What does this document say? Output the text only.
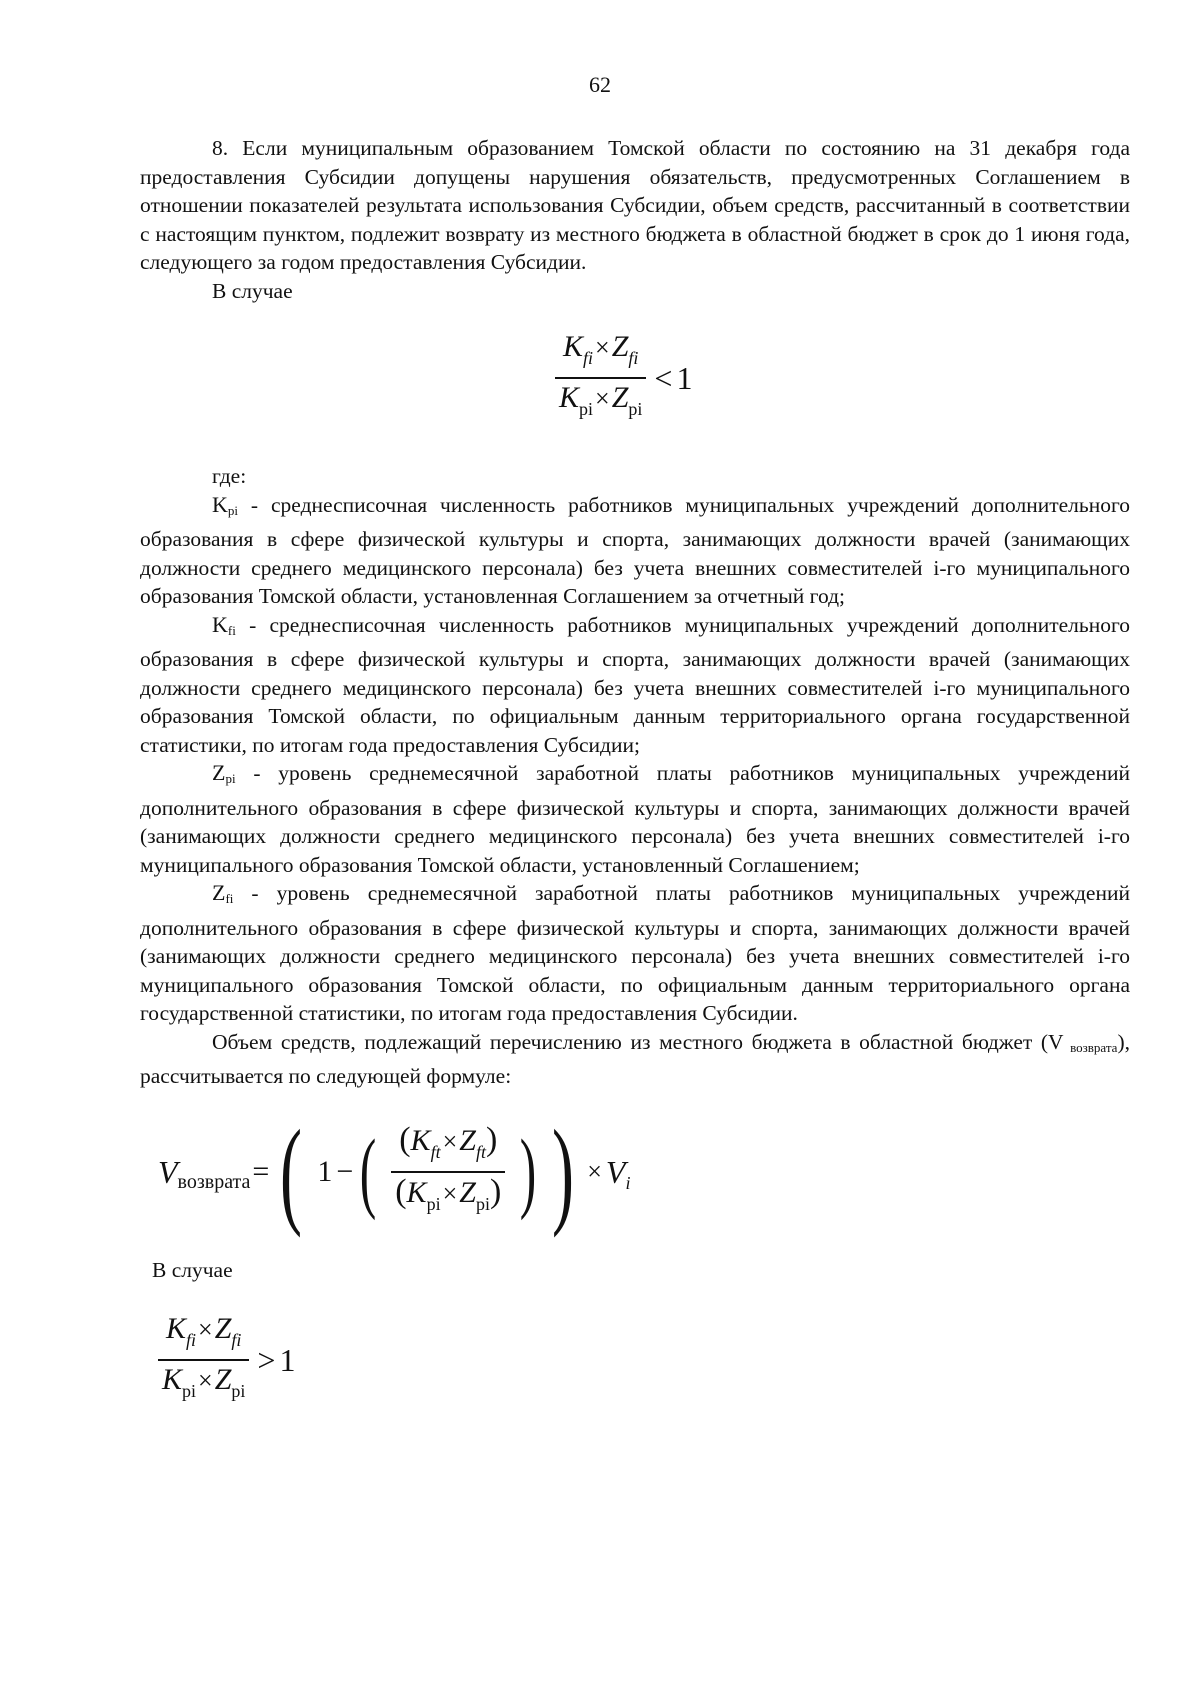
62

8. Если муниципальным образованием Томской области по состоянию на 31 декабря года предоставления Субсидии допущены нарушения обязательств, предусмотренных Соглашением в отношении показателей результата использования Субсидии, объем средств, рассчитанный в соответствии с настоящим пунктом, подлежит возврату из местного бюджета в областной бюджет в срок до 1 июня года, следующего за годом предоставления Субсидии.

В случае

$\frac{K_{fi}\times Z_{fi}}{K_{pi}\times Z_{pi}} < 1$

где:

$K_{pi}$ - среднесписочная численность работников муниципальных учреждений дополнительного образования в сфере физической культуры и спорта, занимающих должности врачей (занимающих должности среднего медицинского персонала) без учета внешних совместителей i-го муниципального образования Томской области, установленная Соглашением за отчетный год;

$K_{fi}$ - среднесписочная численность работников муниципальных учреждений дополнительного образования в сфере физической культуры и спорта, занимающих должности врачей (занимающих должности среднего медицинского персонала) без учета внешних совместителей i-го муниципального образования Томской области, по официальным данным территориального органа государственной статистики, по итогам года предоставления Субсидии;

$Z_{pi}$ - уровень среднемесячной заработной платы работников муниципальных учреждений дополнительного образования в сфере физической культуры и спорта, занимающих должности врачей (занимающих должности среднего медицинского персонала) без учета внешних совместителей i-го муниципального образования Томской области, установленный Соглашением;

$Z_{fi}$ - уровень среднемесячной заработной платы работников муниципальных учреждений дополнительного образования в сфере физической культуры и спорта, занимающих должности врачей (занимающих должности среднего медицинского персонала) без учета внешних совместителей i-го муниципального образования Томской области, по официальным данным территориального органа государственной статистики, по итогам года предоставления Субсидии.

Объем средств, подлежащий перечислению из местного бюджета в областной бюджет (V $_{возврата}$), рассчитывается по следующей формуле:

V возврата = ( 1 − ( $\frac{(K_{ft}\times Z_{ft})}{(K_{pi}\times Z_{pi})}$ ) ) × V i

В случае

$\frac{K_{fi}\times Z_{fi}}{K_{pi}\times Z_{pi}} > 1$
